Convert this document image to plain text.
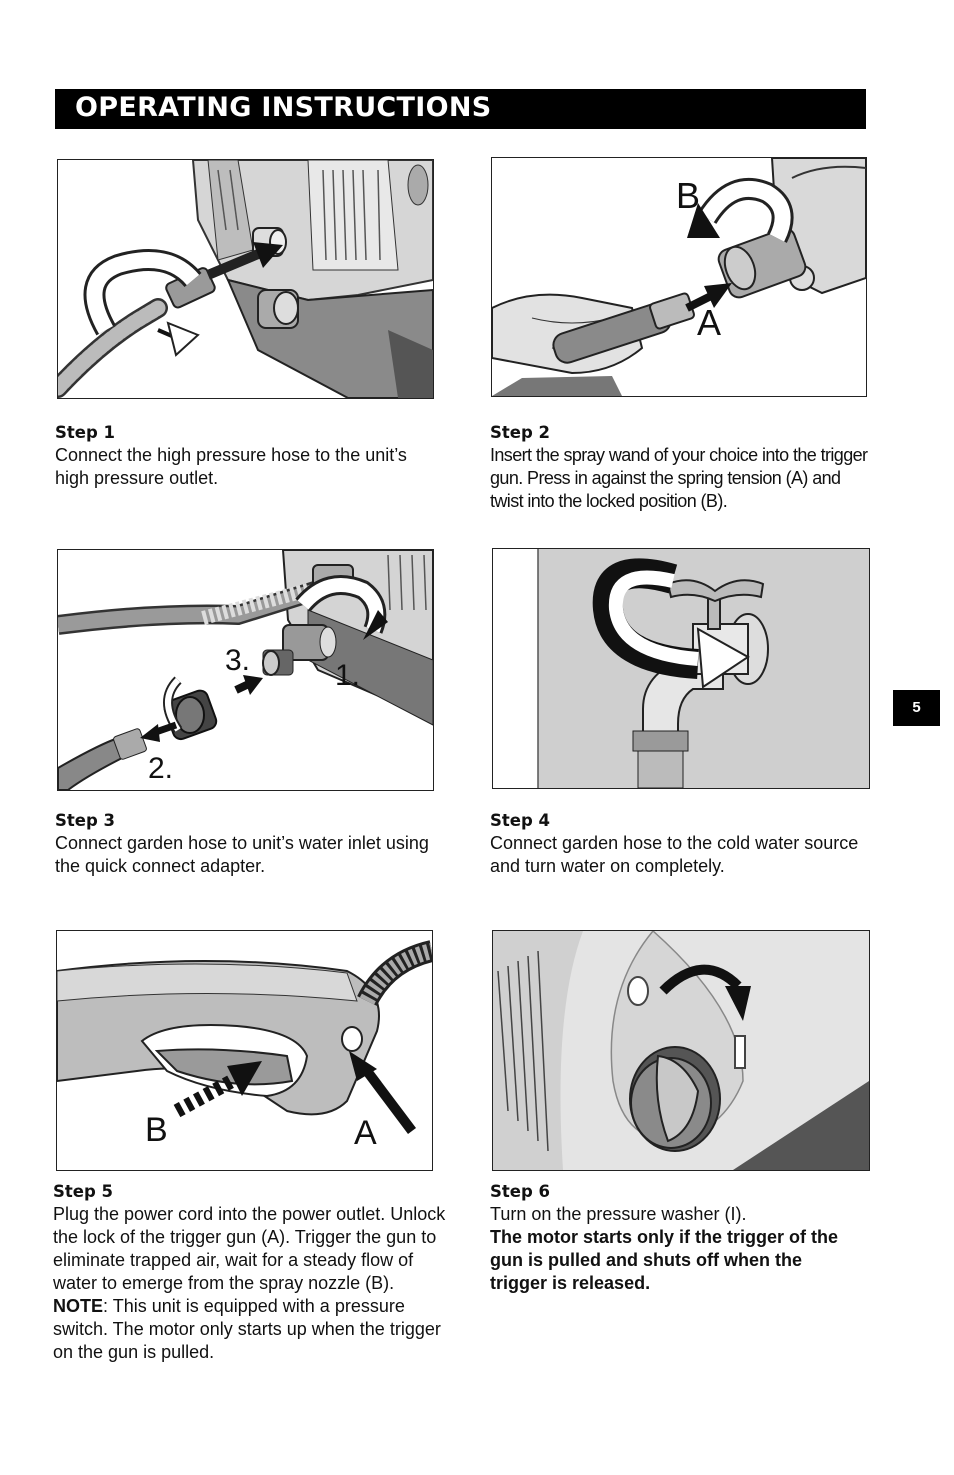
OPERATING INSTRUCTIONS
5
B
A
Step 1

Connect the high pressure hose to the unit’s high pressure outlet.

Step 2

Insert the spray wand of your choice into the trigger gun. Press in against the spring tension (A) and twist into the locked position (B).

3.	1.
2.
Step 3

Connect garden hose to unit’s water inlet using the quick connect adapter.

Step 4

Connect garden hose to the cold water source and turn water on completely.

B	A
Step 5

Plug the power cord into the power outlet. Unlock the lock of the trigger gun (A). Trigger the gun to eliminate trapped air, wait for a steady flow of water to emerge from the spray nozzle (B).

NOTE: This unit is equipped with a pressure switch. The motor only starts up when the trigger on the gun is pulled.

Step 6

Turn on the pressure washer (I).

The motor starts only if the trigger of the gun is pulled and shuts off when the trigger is released.
